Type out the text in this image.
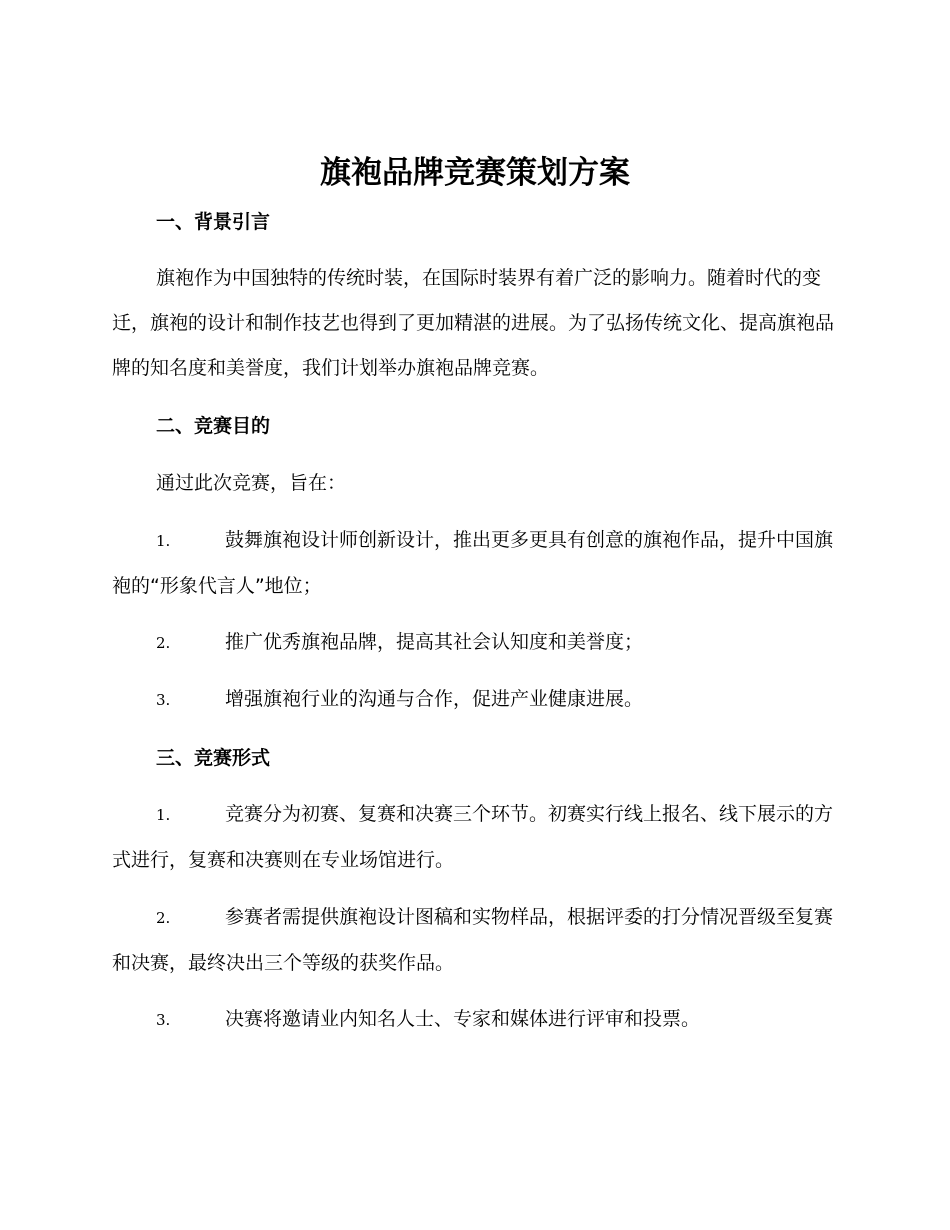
旗袍品牌竞赛策划方案
一、背景引言

旗袍作为中国独特的传统时装，在国际时装界有着广泛的影响力。随着时代的变迁，旗袍的设计和制作技艺也得到了更加精湛的进展。为了弘扬传统文化、提高旗袍品牌的知名度和美誉度，我们计划举办旗袍品牌竞赛。

二、竞赛目的
通过此次竞赛，旨在：

1.	鼓舞旗袍设计师创新设计，推出更多更具有创意的旗袍作品，提升中国旗袍的“形象代言人”地位；

2.	推广优秀旗袍品牌，提高其社会认知度和美誉度；

3.	增强旗袍行业的沟通与合作，促进产业健康进展。

三、竞赛形式

1.	竞赛分为初赛、复赛和决赛三个环节。初赛实行线上报名、线下展示的方式进行，复赛和决赛则在专业场馆进行。

2.	参赛者需提供旗袍设计图稿和实物样品，根据评委的打分情况晋级至复赛和决赛，最终决出三个等级的获奖作品。

3.	决赛将邀请业内知名人士、专家和媒体进行评审和投票。
